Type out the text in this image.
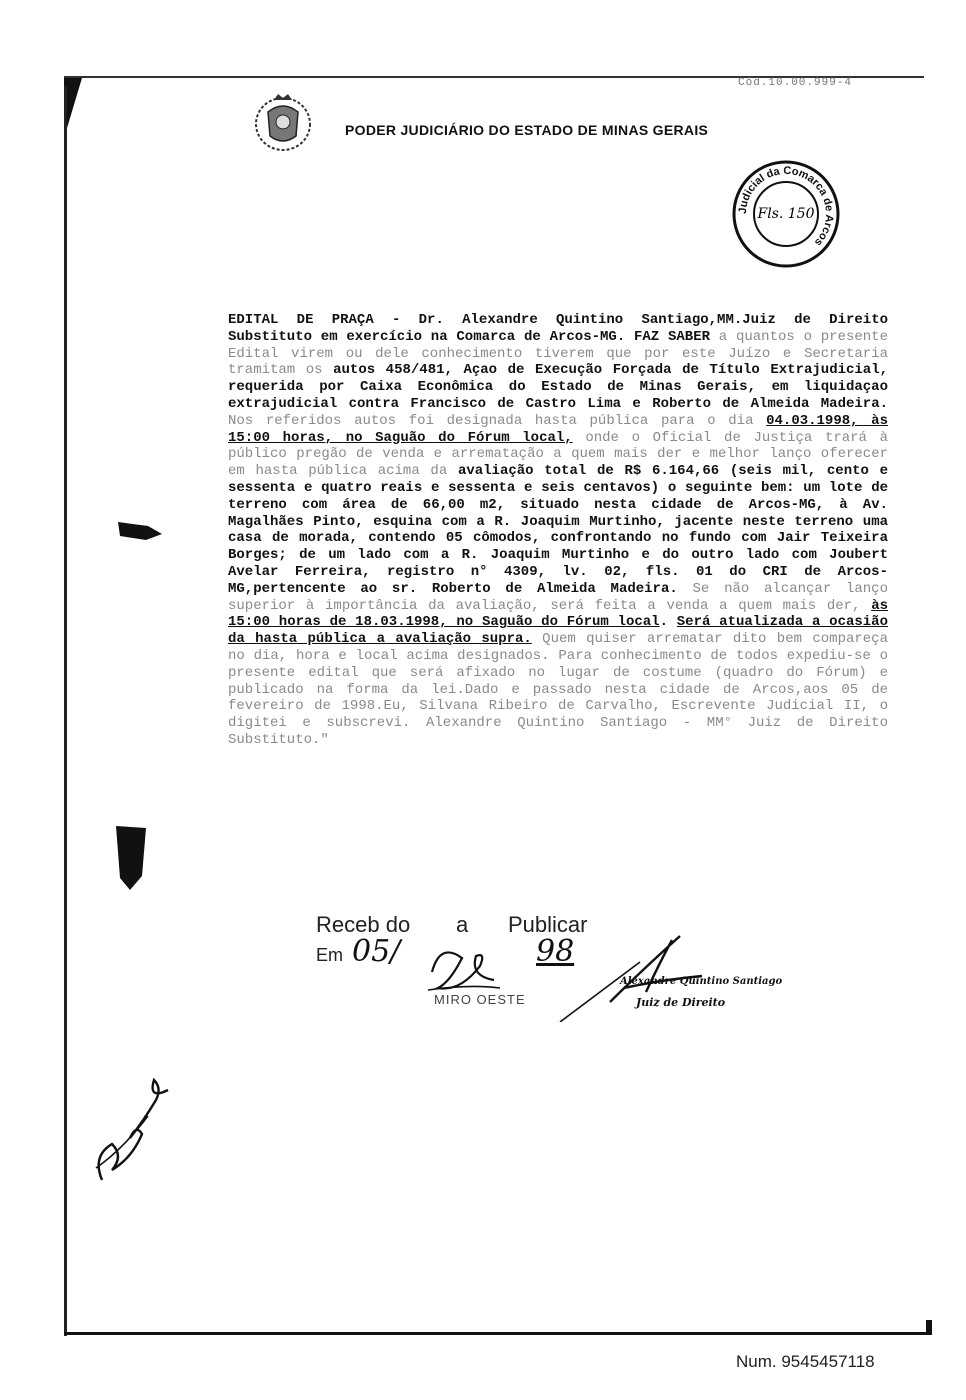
Cód.10.00.999-4
PODER JUDICIÁRIO DO ESTADO DE MINAS GERAIS
Judicial da Comarca de Arcos
Fls. 150

EDITAL DE PRAÇA - Dr. Alexandre Quintino Santiago,MM.Juiz de Direito Substituto em exercício na Comarca de Arcos-MG. FAZ SABER a quantos o presente Edital virem ou dele conhecimento tiverem que por este Juízo e Secretaria tramitam os autos 458/481, Açao de Execução Forçada de Título Extrajudicial, requerida por Caixa Econômica do Estado de Minas Gerais, em liquidaçao extrajudicial contra Francisco de Castro Lima e Roberto de Almeida Madeira. Nos referidos autos foi designada hasta pública para o dia 04.03.1998, às 15:00 horas, no Saguão do Fórum local, onde o Oficial de Justiça trará à público pregão de venda e arrematação a quem mais der e melhor lanço oferecer em hasta pública acima da avaliação total de R$ 6.164,66 (seis mil, cento e sessenta e quatro reais e sessenta e seis centavos) o seguinte bem: um lote de terreno com área de 66,00 m2, situado nesta cidade de Arcos-MG, à Av. Magalhães Pinto, esquina com a R. Joaquim Murtinho, jacente neste terreno uma casa de morada, contendo 05 cômodos, confrontando no fundo com Jair Teixeira Borges; de um lado com a R. Joaquim Murtinho e do outro lado com Joubert Avelar Ferreira, registro n° 4309, lv. 02, fls. 01 do CRI de Arcos-MG,pertencente ao sr. Roberto de Almeida Madeira. Se não alcançar lanço superior à importância da avaliação, será feita a venda a quem mais der, às 15:00 horas de 18.03.1998, no Saguão do Fórum local. Será atualizada a ocasião da hasta pública a avaliação supra. Quem quiser arrematar dito bem compareça no dia, hora e local acima designados. Para conhecimento de todos expediu-se o presente edital que será afixado no lugar de costume (quadro do Fórum) e publicado na forma da lei.Dado e passado nesta cidade de Arcos,aos 05 de fevereiro de 1998.Eu, Silvana Ribeiro de Carvalho, Escrevente Judicial II, o digitei e subscrevi. Alexandre Quintino Santiago - MM° Juiz de Direito Substituto."

Receb do a Publicar
Em 05/	98
MIRO OESTE
Alexandre Quintino Santiago
Juiz de Direito
Num. 9545457118
